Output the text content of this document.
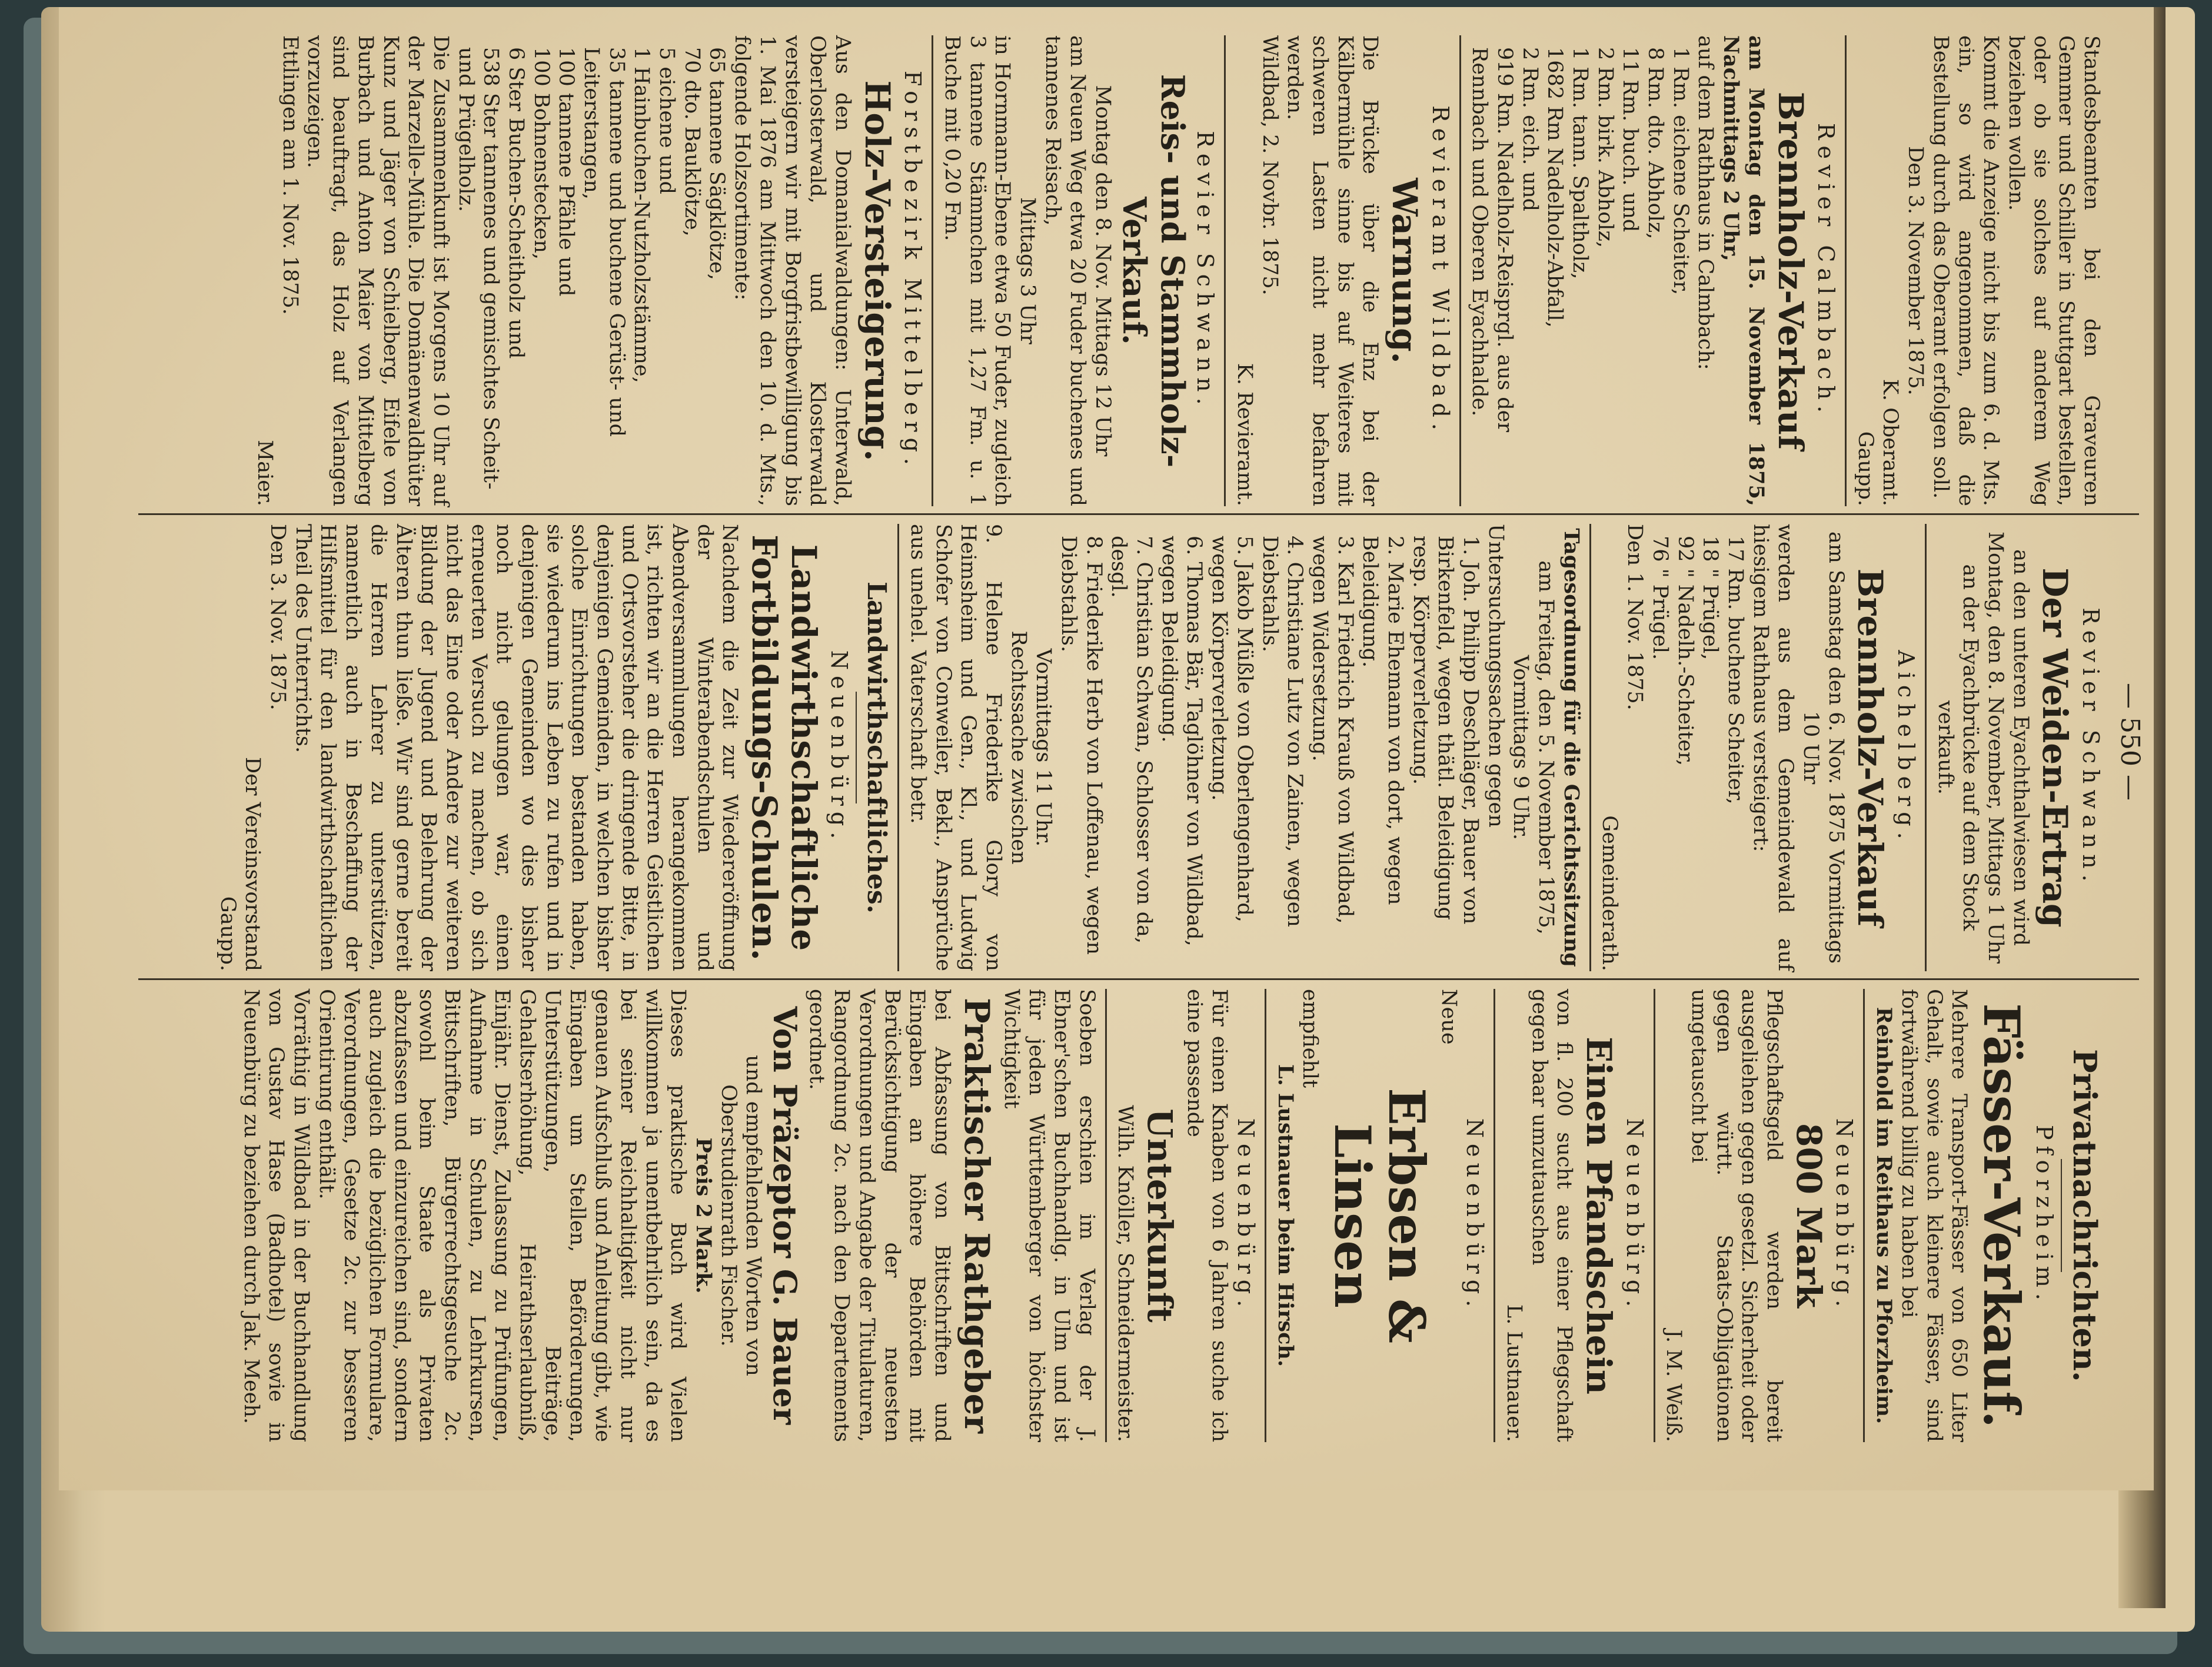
— 550 —

Standesbeamten bei den Graveuren Gemmer und Schiller in Stuttgart bestellen, oder ob sie solches auf anderem Weg beziehen wollen.

Kommt die Anzeige nicht bis zum 6. d. Mts. ein, so wird angenommen, daß die Bestellung durch das Oberamt erfolgen soll.

Den 3. November 1875.

K. Oberamt.

Gaupp.

Revier Calmbach.
Brennholz-Verkauf

am Montag den 15. November 1875, Nachmittags 2 Uhr,

auf dem Rathhaus in Calmbach:

1 Rm. eichene Scheiter,
8 Rm. dto. Abholz,
11 Rm. buch. und
2 Rm. birk. Abholz,
1 Rm. tann. Spaltholz,
1682 Rm Nadelholz-Abfall,
2 Rm. eich. und
919 Rm. Nadelholz-Reisprgl. aus der Rennbach und Oberen Eyachhalde.
Revieramt Wildbad.
Warnung.

Die Brücke über die Enz bei der Kälbermühle sinne bis auf Weiteres mit schweren Lasten nicht mehr befahren werden.

Wildbad, 2. Novbr. 1875.

K. Revieramt.

Revier Schwann.
Reis- und Stammholz-Verkauf.

Montag den 8. Nov. Mittags 12 Uhr

am Neuen Weg etwa 20 Fuder buchenes und tannenes Reisach,

Mittags 3 Uhr

in Hornmann-Ebene etwa 50 Fuder, zugleich 3 tannene Stämmchen mit 1,27 Fm. u. 1 Buche mit 0,20 Fm.

Forstbezirk Mittelberg.
Holz-Versteigerung.

Aus den Domanialwaldungen: Unterwald, Oberlosterwald, und Klosterwald versteigern wir mit Borgfristbewilligung bis 1. Mai 1876 am Mittwoch den 10. d. Mts., folgende Holzsortimente:

65 tannene Sägklötze,
70 dto. Bauklötze,
5 eichene und
1 Hainbuchen-Nutzholzstämme,
35 tannene und buchene Gerüst- und Leiterstangen,
100 tannene Pfähle und
100 Bohnenstecken,
6 Ster Buchen-Scheitholz und
538 Ster tannenes und gemischtes Scheit- und Prügelholz.

Die Zusammenkunft ist Morgens 10 Uhr auf der Marzelle-Mühle. Die Domänenwaldhüter Kunz und Jäger von Schielberg, Eifele von Burbach und Anton Maier von Mittelberg sind beauftragt, das Holz auf Verlangen vorzuzeigen.

Ettlingen am 1. Nov. 1875.

Maier.

Revier Schwann.
Der Weiden-Ertrag

an den unteren Eyachthalwiesen wird Montag, den 8. November, Mittags 1 Uhr an der Eyachbrücke auf dem Stock verkauft.

Aichelberg.
Brennholz-Verkauf

am Samstag den 6. Nov. 1875 Vormittags 10 Uhr

werden aus dem Gemeindewald auf hiesigem Rathhaus versteigert:

17 Rm. buchene Scheiter,
18 " Prügel,
92 " Nadelh.-Scheiter,
76 " Prügel.

Den 1. Nov. 1875.

Gemeinderath.

Tagesordnung für die Gerichtssitzung

am Freitag, den 5. November 1875, Vormittags 9 Uhr.

Untersuchungssachen gegen

1. Joh. Philipp Deschläger, Bauer von Birkenfeld, wegen thätl. Beleidigung resp. Körperverletzung.
2. Marie Ehemann von dort, wegen Beleidigung.
3. Karl Friedrich Krauß von Wildbad, wegen Widersetzung.
4. Christiane Lutz von Zainen, wegen Diebstahls.
5. Jakob Müßle von Oberlengenhard, wegen Körperverletzung.
6. Thomas Bär, Taglöhner von Wildbad, wegen Beleidigung.
7. Christian Schwan, Schlosser von da, desgl.
8. Friederike Herb von Loffenau, wegen Diebstahls.

Vormittags 11 Uhr.

Rechtssache zwischen

9. Helene Friederike Glory von Heimsheim und Gen., Kl., und Ludwig Schofer von Conweiler, Bekl., Ansprüche aus unehel. Vaterschaft betr.

Landwirthschaftliches.
Neuenbürg.
Landwirthschaftliche Fortbildungs-Schulen.

Nachdem die Zeit zur Wiedereröffnung der Winterabendschulen und Abendversammlungen herangekommen ist, richten wir an die Herren Geistlichen und Ortsvorsteher die dringende Bitte, in denjenigen Gemeinden, in welchen bisher solche Einrichtungen bestanden haben, sie wiederum ins Leben zu rufen und in denjenigen Gemeinden wo dies bisher noch nicht gelungen war, einen erneuerten Versuch zu machen, ob sich nicht das Eine oder Andere zur weiteren Bildung der Jugend und Belehrung der Älteren thun ließe. Wir sind gerne bereit die Herren Lehrer zu unterstützen, namentlich auch in Beschaffung der Hilfsmittel für den landwirthschaftlichen Theil des Unterrichts.

Den 3. Nov. 1875.

Der Vereinsvorstand

Gaupp.

Privatnachrichten.
Pforzheim.
Fässer-Verkauf.

Mehrere Transport-Fässer von 650 Liter Gehalt, sowie auch kleinere Fässer, sind fortwährend billig zu haben bei

Reinhold im Reithaus zu Pforzheim.

Neuenbürg.
800 Mark

Pflegschaftsgeld werden bereit ausgeliehen gegen gesetzl. Sicherheit oder gegen württ. Staats-Obligationen umgetauscht bei

J. M. Weiß.

Neuenbürg.
Einen Pfandschein

von fl. 200 sucht aus einer Pflegschaft gegen baar umzutauschen

L. Lustnauer.

Neuenbürg.

Neue

Erbsen & Linsen

empfiehlt

L. Lustnauer beim Hirsch.

Neuenbürg.

Für einen Knaben von 6 Jahren suche ich eine passende

Unterkunft

Wilh. Knöller, Schneidermeister.

Soeben erschien im Verlag der J. Ebner'schen Buchhandlg. in Ulm und ist für jeden Württemberger von höchster Wichtigkeit

Praktischer Rathgeber

bei Abfassung von Bittschriften und Eingaben an höhere Behörden mit Berücksichtigung der neuesten Verordnungen und Angabe der Titulaturen, Rangordnung 2c. nach den Departements geordnet.

Von Präzeptor G. Bauer

und empfehlenden Worten von Oberstudienrath Fischer.

Preis 2 Mark.

Dieses praktische Buch wird Vielen willkommen ja unentbehrlich sein, da es bei seiner Reichhaltigkeit nicht nur genauen Aufschluß und Anleitung gibt, wie Eingaben um Stellen, Beförderungen, Unterstützungen, Beiträge, Gehaltserhöhung, Heirathserlaubniß, Einjähr. Dienst, Zulassung zu Prüfungen, Aufnahme in Schulen, zu Lehrkursen, Bittschriften, Bürgerrechtsgesuche 2c. sowohl beim Staate als Privaten abzufassen und einzureichen sind, sondern auch zugleich die bezüglichen Formulare, Verordnungen, Gesetze 2c. zur besseren Orientirung enthält.

Vorräthig in Wildbad in der Buchhandlung von Gustav Hase (Badhotel) sowie in Neuenbürg zu beziehen durch Jak. Meeh.
